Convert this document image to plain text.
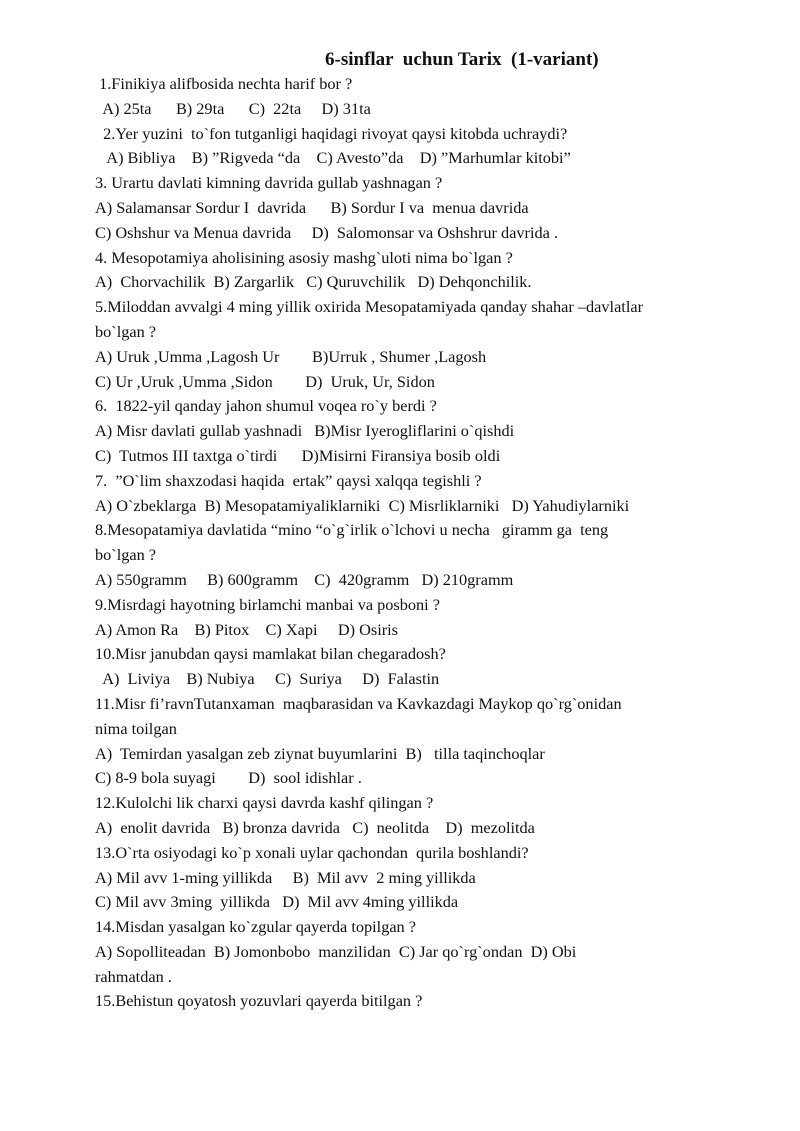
6-sinflar  uchun Tarix  (1-variant)
1.Finikiya alifbosida nechta harif bor ?
A) 25ta      B) 29ta      C)  22ta     D) 31ta
2.Yer yuzini  to`fon tutganligi haqidagi rivoyat qaysi kitobda uchraydi?
A) Bibliya    B) ”Rigveda “da    C) Avesto”da    D) ”Marhumlar kitobi”
3. Urartu davlati kimning davrida gullab yashnagan ?
A) Salamansar Sordur I  davrida      B) Sordur I va  menua davrida
C) Oshshur va Menua davrida     D)  Salomonsar va Oshshrur davrida .
4. Mesopotamiya aholisining asosiy mashg`uloti nima bo`lgan ?
A)  Chorvachilik  B) Zargarlik   C) Quruvchilik   D) Dehqonchilik.
5.Miloddan avvalgi 4 ming yillik oxirida Mesopatamiyada qanday shahar –davlatlar
bo`lgan ?
A) Uruk ,Umma ,Lagosh Ur        B)Urruk , Shumer ,Lagosh
C) Ur ,Uruk ,Umma ,Sidon        D)  Uruk, Ur, Sidon
6.  1822-yil qanday jahon shumul voqea ro`y berdi ?
A) Misr davlati gullab yashnadi   B)Misr Iyerogliflarini o`qishdi
C)  Tutmos III taxtga o`tirdi      D)Misirni Firansiya bosib oldi
7.  ”O`lim shaxzodasi haqida  ertak” qaysi xalqqa tegishli ?
A) O`zbeklarga  B) Mesopatamiyaliklarniki  C) Misrliklarniki   D) Yahudiylarniki
8.Mesopatamiya davlatida “mino “o`g`irlik o`lchovi u necha   giramm ga  teng
bo`lgan ?
A) 550gramm     B) 600gramm    C)  420gramm   D) 210gramm
9.Misrdagi hayotning birlamchi manbai va posboni ?
A) Amon Ra    B) Pitox    C) Xapi     D) Osiris
10.Misr janubdan qaysi mamlakat bilan chegaradosh?
A)  Liviya    B) Nubiya     C)  Suriya     D)  Falastin
11.Misr fi’ravnTutanxaman  maqbarasidan va Kavkazdagi Maykop qo`rg`onidan
nima toilgan
A)  Temirdan yasalgan zeb ziynat buyumlarini  B)   tilla taqinchoqlar
C) 8-9 bola suyagi        D)  sool idishlar .
12.Kulolchi lik charxi qaysi davrda kashf qilingan ?
A)  enolit davrida   B) bronza davrida   C)  neolitda    D)  mezolitda
13.O`rta osiyodagi ko`p xonali uylar qachondan  qurila boshlandi?
A) Mil avv 1-ming yillikda     B)  Mil avv  2 ming yillikda
C) Mil avv 3ming  yillikda   D)  Mil avv 4ming yillikda
14.Misdan yasalgan ko`zgular qayerda topilgan ?
A) Sopolliteadan  B) Jomonbobo  manzilidan  C) Jar qo`rg`ondan  D) Obi
rahmatdan .
15.Behistun qoyatosh yozuvlari qayerda bitilgan ?
